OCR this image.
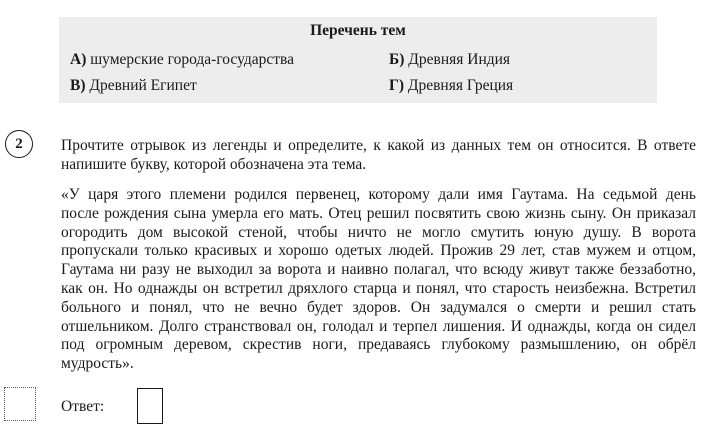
Перечень тем
А) шумерские города-государства	Б) Древняя Индия
В) Древний Египет	Г) Древняя Греция
2	Прочтите отрывок из легенды и определите, к какой из данных тем он относится. В ответе
напишите букву, которой обозначена эта тема.
«У царя этого племени родился первенец, которому дали имя Гаутама. На седьмой день
после рождения сына умерла его мать. Отец решил посвятить свою жизнь сыну. Он приказал
огородить дом высокой стеной, чтобы ничто не могло смутить юную душу. В ворота
пропускали только красивых и хорошо одетых людей. Прожив 29 лет, став мужем и отцом,
Гаутама ни разу не выходил за ворота и наивно полагал, что всюду живут также беззаботно,
как он. Но однажды он встретил дряхлого старца и понял, что старость неизбежна. Встретил
больного и понял, что не вечно будет здоров. Он задумался о смерти и решил стать
отшельником. Долго странствовал он, голодал и терпел лишения. И однажды, когда он сидел
под огромным деревом, скрестив ноги, предаваясь глубокому размышлению, он обрёл
мудрость».
Ответ:
